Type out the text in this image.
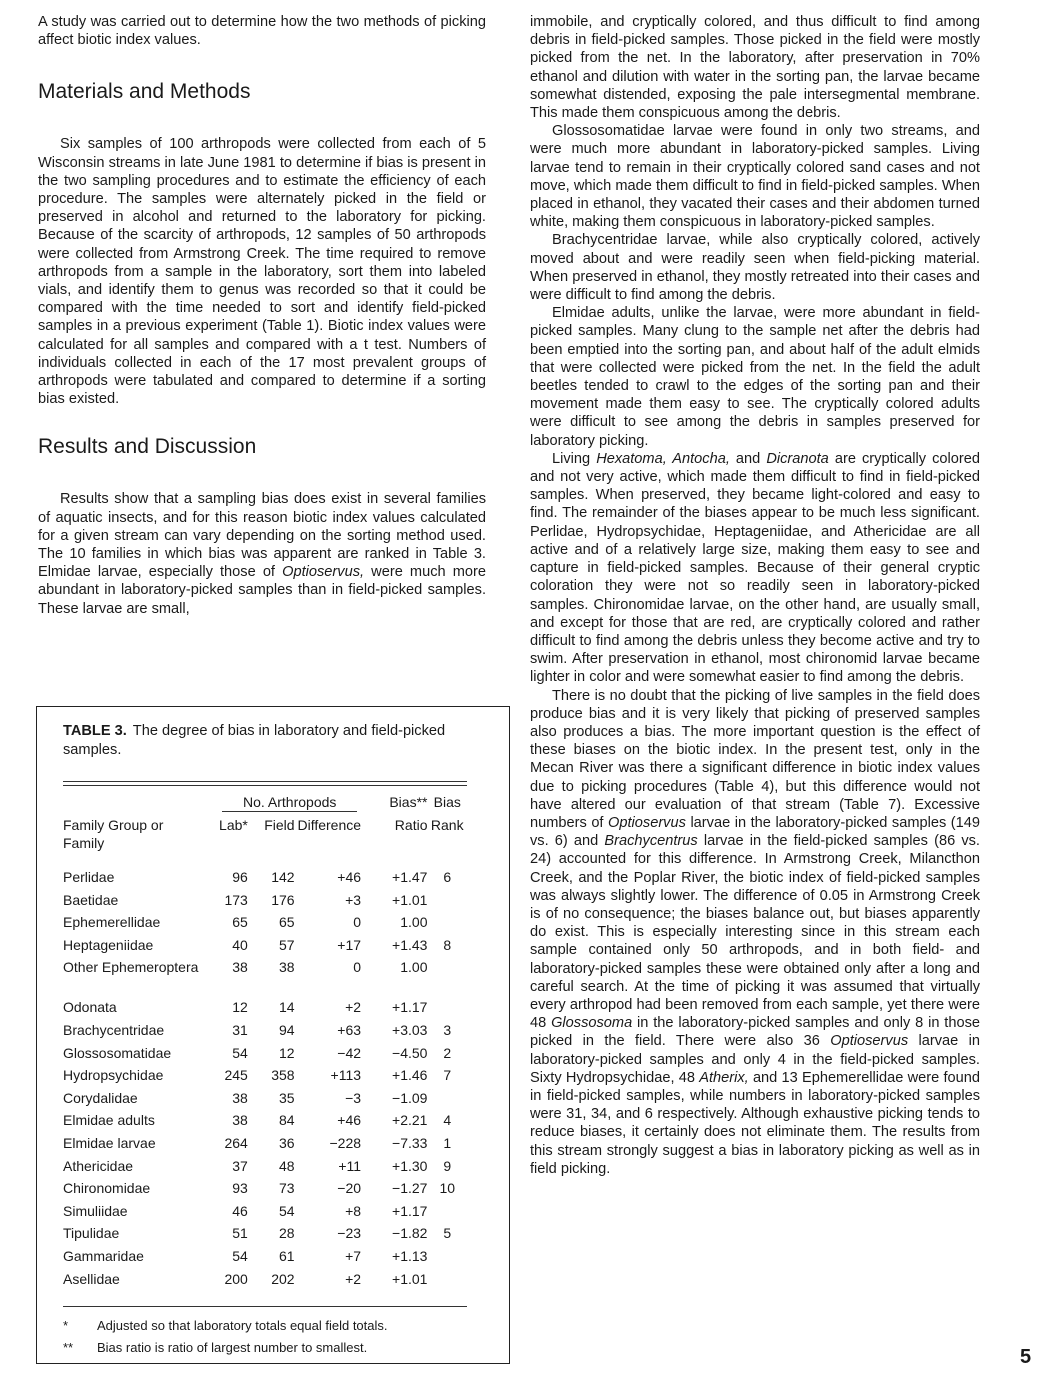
A study was carried out to determine how the two methods of picking affect biotic index values.

Materials and Methods

Six samples of 100 arthropods were collected from each of 5 Wisconsin streams in late June 1981 to determine if bias is present in the two sampling procedures and to estimate the efficiency of each procedure. The samples were alternately picked in the field or preserved in alcohol and returned to the laboratory for picking. Because of the scarcity of arthropods, 12 samples of 50 arthropods were collected from Armstrong Creek. The time required to remove arthropods from a sample in the laboratory, sort them into labeled vials, and identify them to genus was recorded so that it could be compared with the time needed to sort and identify field-picked samples in a previous experiment (Table 1). Biotic index values were calculated for all samples and compared with a t test. Numbers of individuals collected in each of the 17 most prevalent groups of arthropods were tabulated and compared to determine if a sorting bias existed.

Results and Discussion

Results show that a sampling bias does exist in several families of aquatic insects, and for this reason biotic index values calculated for a given stream can vary depending on the sorting method used. The 10 families in which bias was apparent are ranked in Table 3. Elmidae larvae, especially those of Optioservus, were much more abundant in laboratory-picked samples than in field-picked samples. These larvae are small,

TABLE 3. The degree of bias in laboratory and field-picked samples.

	No. Arthropods			Bias**	Bias
Family Group or Family	Lab*	Field	Difference	Ratio	Rank
Perlidae	96	142	+46	+1.47	6
Baetidae	173	176	+3	+1.01	
Ephemerellidae	65	65	0	1.00	
Heptageniidae	40	57	+17	+1.43	8
Other Ephemeroptera	38	38	0	1.00	
Odonata	12	14	+2	+1.17	
Brachycentridae	31	94	+63	+3.03	3
Glossosomatidae	54	12	−42	−4.50	2
Hydropsychidae	245	358	+113	+1.46	7
Corydalidae	38	35	−3	−1.09	
Elmidae adults	38	84	+46	+2.21	4
Elmidae larvae	264	36	−228	−7.33	1
Athericidae	37	48	+11	+1.30	9
Chironomidae	93	73	−20	−1.27	10
Simuliidae	46	54	+8	+1.17	
Tipulidae	51	28	−23	−1.82	5
Gammaridae	54	61	+7	+1.13	
Asellidae	200	202	+2	+1.01	
* Adjusted so that laboratory totals equal field totals.
** Bias ratio is ratio of largest number to smallest.

immobile, and cryptically colored, and thus difficult to find among debris in field-picked samples. Those picked in the field were mostly picked from the net. In the laboratory, after preservation in 70% ethanol and dilution with water in the sorting pan, the larvae became somewhat distended, exposing the pale intersegmental membrane. This made them conspicuous among the debris.

Glossosomatidae larvae were found in only two streams, and were much more abundant in laboratory-picked samples. Living larvae tend to remain in their cryptically colored sand cases and not move, which made them difficult to find in field-picked samples. When placed in ethanol, they vacated their cases and their abdomen turned white, making them conspicuous in laboratory-picked samples.

Brachycentridae larvae, while also cryptically colored, actively moved about and were readily seen when field-picking material. When preserved in ethanol, they mostly retreated into their cases and were difficult to find among the debris.

Elmidae adults, unlike the larvae, were more abundant in field-picked samples. Many clung to the sample net after the debris had been emptied into the sorting pan, and about half of the adult elmids that were collected were picked from the net. In the field the adult beetles tended to crawl to the edges of the sorting pan and their movement made them easy to see. The cryptically colored adults were difficult to see among the debris in samples preserved for laboratory picking.

Living Hexatoma, Antocha, and Dicranota are cryptically colored and not very active, which made them difficult to find in field-picked samples. When preserved, they became light-colored and easy to find. The remainder of the biases appear to be much less significant. Perlidae, Hydropsychidae, Heptageniidae, and Athericidae are all active and of a relatively large size, making them easy to see and capture in field-picked samples. Because of their general cryptic coloration they were not so readily seen in laboratory-picked samples. Chironomidae larvae, on the other hand, are usually small, and except for those that are red, are cryptically colored and rather difficult to find among the debris unless they become active and try to swim. After preservation in ethanol, most chironomid larvae became lighter in color and were somewhat easier to find among the debris.

There is no doubt that the picking of live samples in the field does produce bias and it is very likely that picking of preserved samples also produces a bias. The more important question is the effect of these biases on the biotic index. In the present test, only in the Mecan River was there a significant difference in biotic index values due to picking procedures (Table 4), but this difference would not have altered our evaluation of that stream (Table 7). Excessive numbers of Optioservus larvae in the laboratory-picked samples (149 vs. 6) and Brachycentrus larvae in the field-picked samples (86 vs. 24) accounted for this difference. In Armstrong Creek, Milancthon Creek, and the Poplar River, the biotic index of field-picked samples was always slightly lower. The difference of 0.05 in Armstrong Creek is of no consequence; the biases balance out, but biases apparently do exist. This is especially interesting since in this stream each sample contained only 50 arthropods, and in both field- and laboratory-picked samples these were obtained only after a long and careful search. At the time of picking it was assumed that virtually every arthropod had been removed from each sample, yet there were 48 Glossosoma in the laboratory-picked samples and only 8 in those picked in the field. There were also 36 Optioservus larvae in laboratory-picked samples and only 4 in the field-picked samples. Sixty Hydropsychidae, 48 Atherix, and 13 Ephemerellidae were found in field-picked samples, while numbers in laboratory-picked samples were 31, 34, and 6 respectively. Although exhaustive picking tends to reduce biases, it certainly does not eliminate them. The results from this stream strongly suggest a bias in laboratory picking as well as in field picking.

5
